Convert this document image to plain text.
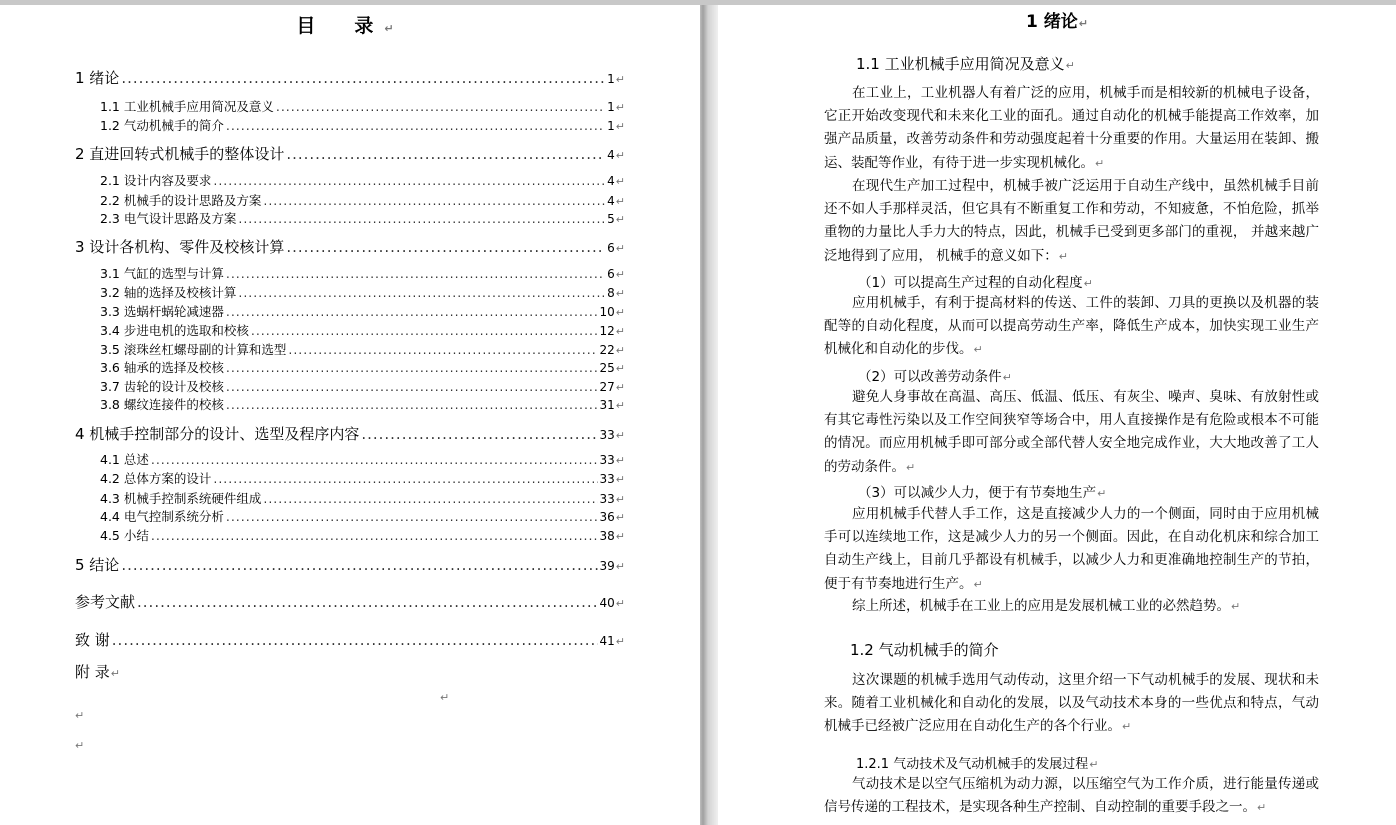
目　录↵
1 绪论 .....	1 ↵
1.1 工业机械手应用简况及意义 .....	1 ↵
1.2 气动机械手的简介 .....	1 ↵
2 直进回转式机械手的整体设计 .....	4 ↵
2.1 设计内容及要求 .....	4 ↵
2.2 机械手的设计思路及方案 .....	4 ↵
2.3 电气设计思路及方案 .....	5 ↵
3 设计各机构、零件及校核计算 .....	6 ↵
3.1 气缸的选型与计算 .....	6 ↵
3.2 轴的选择及校核计算 .....	8 ↵
3.3 选蜗杆蜗轮减速器 .....	10 ↵
3.4 步进电机的选取和校核 .....	12 ↵
3.5 滚珠丝杠螺母副的计算和选型 .....	22 ↵
3.6 轴承的选择及校核 .....	25 ↵
3.7 齿轮的设计及校核 .....	27 ↵
3.8 螺纹连接件的校核 .....	31 ↵
4 机械手控制部分的设计、选型及程序内容 .....	33 ↵
4.1 总述 .....	33 ↵
4.2 总体方案的设计 .....	33 ↵
4.3 机械手控制系统硬件组成 .....	33 ↵
4.4 电气控制系统分析 .....	36 ↵
4.5 小结 .....	38 ↵
5 结论 .....	39 ↵
参考文献 .....	40 ↵
致 谢 .....	41 ↵
附 录↵
↵
↵
↵
1 绪论↵
1.1 工业机械手应用简况及意义↵
在工业上，工业机器人有着广泛的应用，机械手而是相较新的机械电子设备，它正开始改变现代和未来化工业的面孔。通过自动化的机械手能提高工作效率，加强产品质量，改善劳动条件和劳动强度起着十分重要的作用。大量运用在装卸、搬运、装配等作业，有待于进一步实现机械化。↵
在现代生产加工过程中，机械手被广泛运用于自动生产线中，虽然机械手目前还不如人手那样灵活，但它具有不断重复工作和劳动，不知疲惫，不怕危险，抓举重物的力量比人手力大的特点，因此，机械手已受到更多部门的重视， 并越来越广泛地得到了应用， 机械手的意义如下：↵
（1）可以提高生产过程的自动化程度↵
应用机械手，有利于提高材料的传送、工件的装卸、刀具的更换以及机器的装配等的自动化程度，从而可以提高劳动生产率，降低生产成本，加快实现工业生产机械化和自动化的步伐。↵
（2）可以改善劳动条件↵
避免人身事故在高温、高压、低温、低压、有灰尘、噪声、臭味、有放射性或有其它毒性污染以及工作空间狭窄等场合中，用人直接操作是有危险或根本不可能的情况。而应用机械手即可部分或全部代替人安全地完成作业，大大地改善了工人的劳动条件。↵
（3）可以减少人力，便于有节奏地生产↵
应用机械手代替人手工作，这是直接减少人力的一个侧面，同时由于应用机械手可以连续地工作，这是减少人力的另一个侧面。因此，在自动化机床和综合加工自动生产线上，目前几乎都设有机械手，以减少人力和更准确地控制生产的节拍，便于有节奏地进行生产。↵
综上所述，机械手在工业上的应用是发展机械工业的必然趋势。↵
1.2 气动机械手的简介
这次课题的机械手选用气动传动，这里介绍一下气动机械手的发展、现状和未来。随着工业机械化和自动化的发展，以及气动技术本身的一些优点和特点，气动机械手已经被广泛应用在自动化生产的各个行业。↵
1.2.1 气动技术及气动机械手的发展过程↵
气动技术是以空气压缩机为动力源，以压缩空气为工作介质，进行能量传递或信号传递的工程技术，是实现各种生产控制、自动控制的重要手段之一。↵
